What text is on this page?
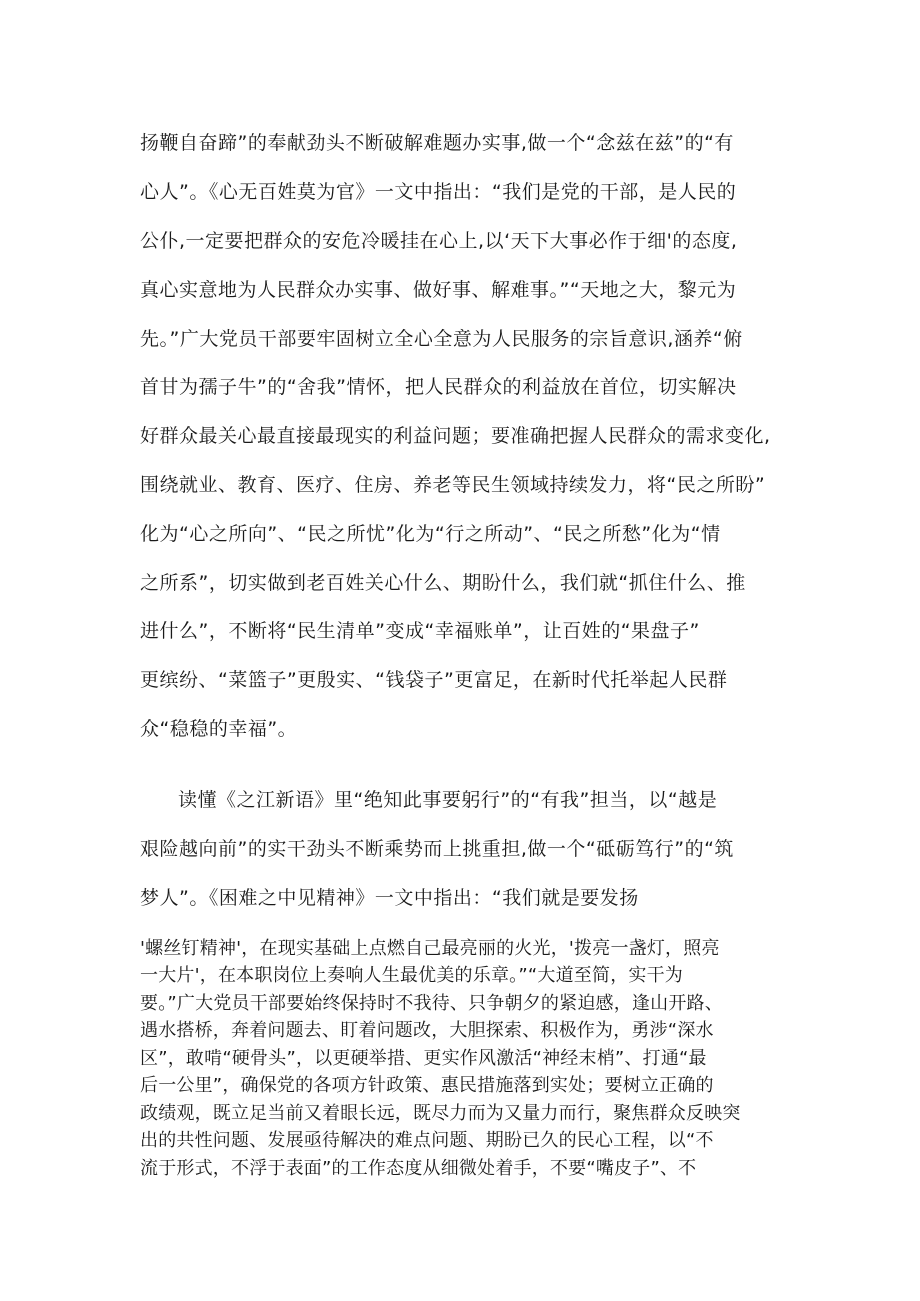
扬鞭自奋蹄”的奉献劲头不断破解难题办实事,做一个“念兹在兹”的“有
心人”。《心无百姓莫为官》一文中指出：“我们是党的干部，是人民的
公仆,一定要把群众的安危冷暖挂在心上,以‘天下大事必作于细'的态度,
真心实意地为人民群众办实事、做好事、解难事。”“天地之大，黎元为
先。”广大党员干部要牢固树立全心全意为人民服务的宗旨意识,涵养“俯
首甘为孺子牛”的“舍我”情怀，把人民群众的利益放在首位，切实解决
好群众最关心最直接最现实的利益问题；要准确把握人民群众的需求变化,
围绕就业、教育、医疗、住房、养老等民生领域持续发力，将“民之所盼”
化为“心之所向”、“民之所忧”化为“行之所动”、“民之所愁”化为“情
之所系”，切实做到老百姓关心什么、期盼什么，我们就“抓住什么、推
进什么”，不断将“民生清单”变成“幸福账单”，让百姓的“果盘子”
更缤纷、“菜篮子”更殷实、“钱袋子”更富足，在新时代托举起人民群
众“稳稳的幸福”。
读懂《之江新语》里“绝知此事要躬行”的“有我”担当，以“越是
艰险越向前”的实干劲头不断乘势而上挑重担,做一个“砥砺笃行”的“筑
梦人”。《困难之中见精神》一文中指出：“我们就是要发扬
'螺丝钉精神'，在现实基础上点燃自己最亮丽的火光，'拨亮一盏灯，照亮
一大片'，在本职岗位上奏响人生最优美的乐章。”“大道至简，实干为
要。”广大党员干部要始终保持时不我待、只争朝夕的紧迫感，逢山开路、
遇水搭桥，奔着问题去、盯着问题改，大胆探索、积极作为，勇涉“深水
区”，敢啃“硬骨头”，以更硬举措、更实作风激活“神经末梢”、打通“最
后一公里”，确保党的各项方针政策、惠民措施落到实处；要树立正确的
政绩观，既立足当前又着眼长远，既尽力而为又量力而行，聚焦群众反映突
出的共性问题、发展亟待解决的难点问题、期盼已久的民心工程，以“不
流于形式，不浮于表面”的工作态度从细微处着手，不要“嘴皮子”、不
